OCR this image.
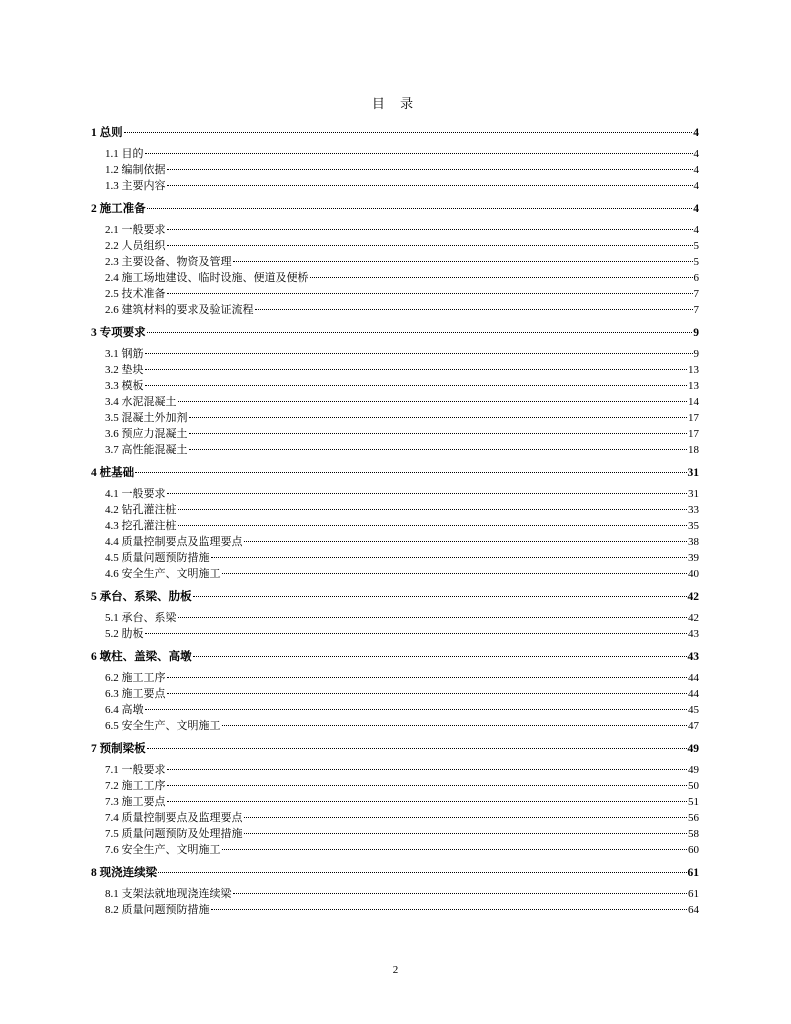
目 录
1 总则	4
1.1 目的	4
1.2 编制依据	4
1.3 主要内容	4
2 施工准备	4
2.1 一般要求	4
2.2 人员组织	5
2.3 主要设备、物资及管理	5
2.4 施工场地建设、临时设施、便道及便桥	6
2.5 技术准备	7
2.6 建筑材料的要求及验证流程	7
3 专项要求	9
3.1 钢筋	9
3.2 垫块	13
3.3 模板	13
3.4 水泥混凝土	14
3.5 混凝土外加剂	17
3.6 预应力混凝土	17
3.7 高性能混凝土	18
4 桩基础	31
4.1 一般要求	31
4.2 钻孔灌注桩	33
4.3 挖孔灌注桩	35
4.4 质量控制要点及监理要点	38
4.5 质量问题预防措施	39
4.6 安全生产、文明施工	40
5 承台、系梁、肋板	42
5.1 承台、系梁	42
5.2 肋板	43
6 墩柱、盖梁、高墩	43
6.2 施工工序	44
6.3 施工要点	44
6.4 高墩	45
6.5 安全生产、文明施工	47
7 预制梁板	49
7.1 一般要求	49
7.2 施工工序	50
7.3 施工要点	51
7.4 质量控制要点及监理要点	56
7.5 质量问题预防及处理措施	58
7.6 安全生产、文明施工	60
8 现浇连续梁	61
8.1 支架法就地现浇连续梁	61
8.2 质量问题预防措施	64
2
